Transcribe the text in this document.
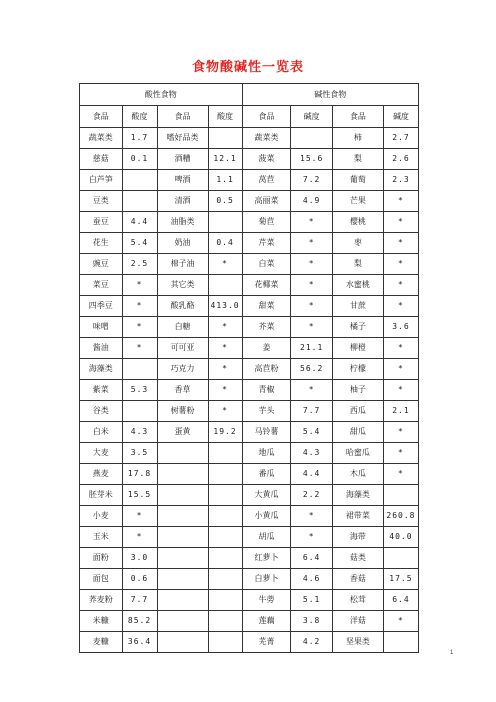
食物酸碱性一览表
酸性食物				碱性食物			
食品	酸度	食品	酸度	食品	碱度	食品	碱度
蔬菜类	1.7	嗜好品类		蔬菜类		柿	2.7
慈菇	0.1	酒糟	12.1	菠菜	15.6	梨	2.6
白芦笋		啤酒	1.1	莴苣	7.2	葡萄	2.3
豆类		清酒	0.5	高丽菜	4.9	芒果	*
蚕豆	4.4	油脂类		菊苣	*	樱桃	*
花生	5.4	奶油	0.4	芹菜	*	枣	*
豌豆	2.5	棉子油	*	白菜	*	梨	*
菜豆	*	其它类		花椰菜	*	水蜜桃	*
四季豆	*	酸乳酪	413.0	甜菜	*	甘蔗	*
味噌	*	白糖	*	芥菜	*	橘子	3.6
酱油	*	可可亚	*	姜	21.1	柳橙	*
海藻类		巧克力	*	高苣粉	56.2	柠檬	*
紫菜	5.3	香草	*	青椒	*	柚子	*
谷类		树薯粉	*	芋头	7.7	西瓜	2.1
白米	4.3	蛋黄	19.2	马铃薯	5.4	甜瓜	*
大麦	3.5			地瓜	4.3	哈蜜瓜	*
燕麦	17.8			番瓜	4.4	木瓜	*
胚芽米	15.5			大黄瓜	2.2	海藻类	
小麦	*			小黄瓜	*	裙带菜	260.8
玉米	*			胡瓜	*	海带	40.0
面粉	3.0			红萝卜	6.4	菇类	
面包	0.6			白萝卜	4.6	香菇	17.5
荞麦粉	7.7			牛蒡	5.1	松茸	6.4
米糠	85.2			莲藕	3.8	洋菇	*
麦糠	36.4			芜菁	4.2	坚果类	
1
